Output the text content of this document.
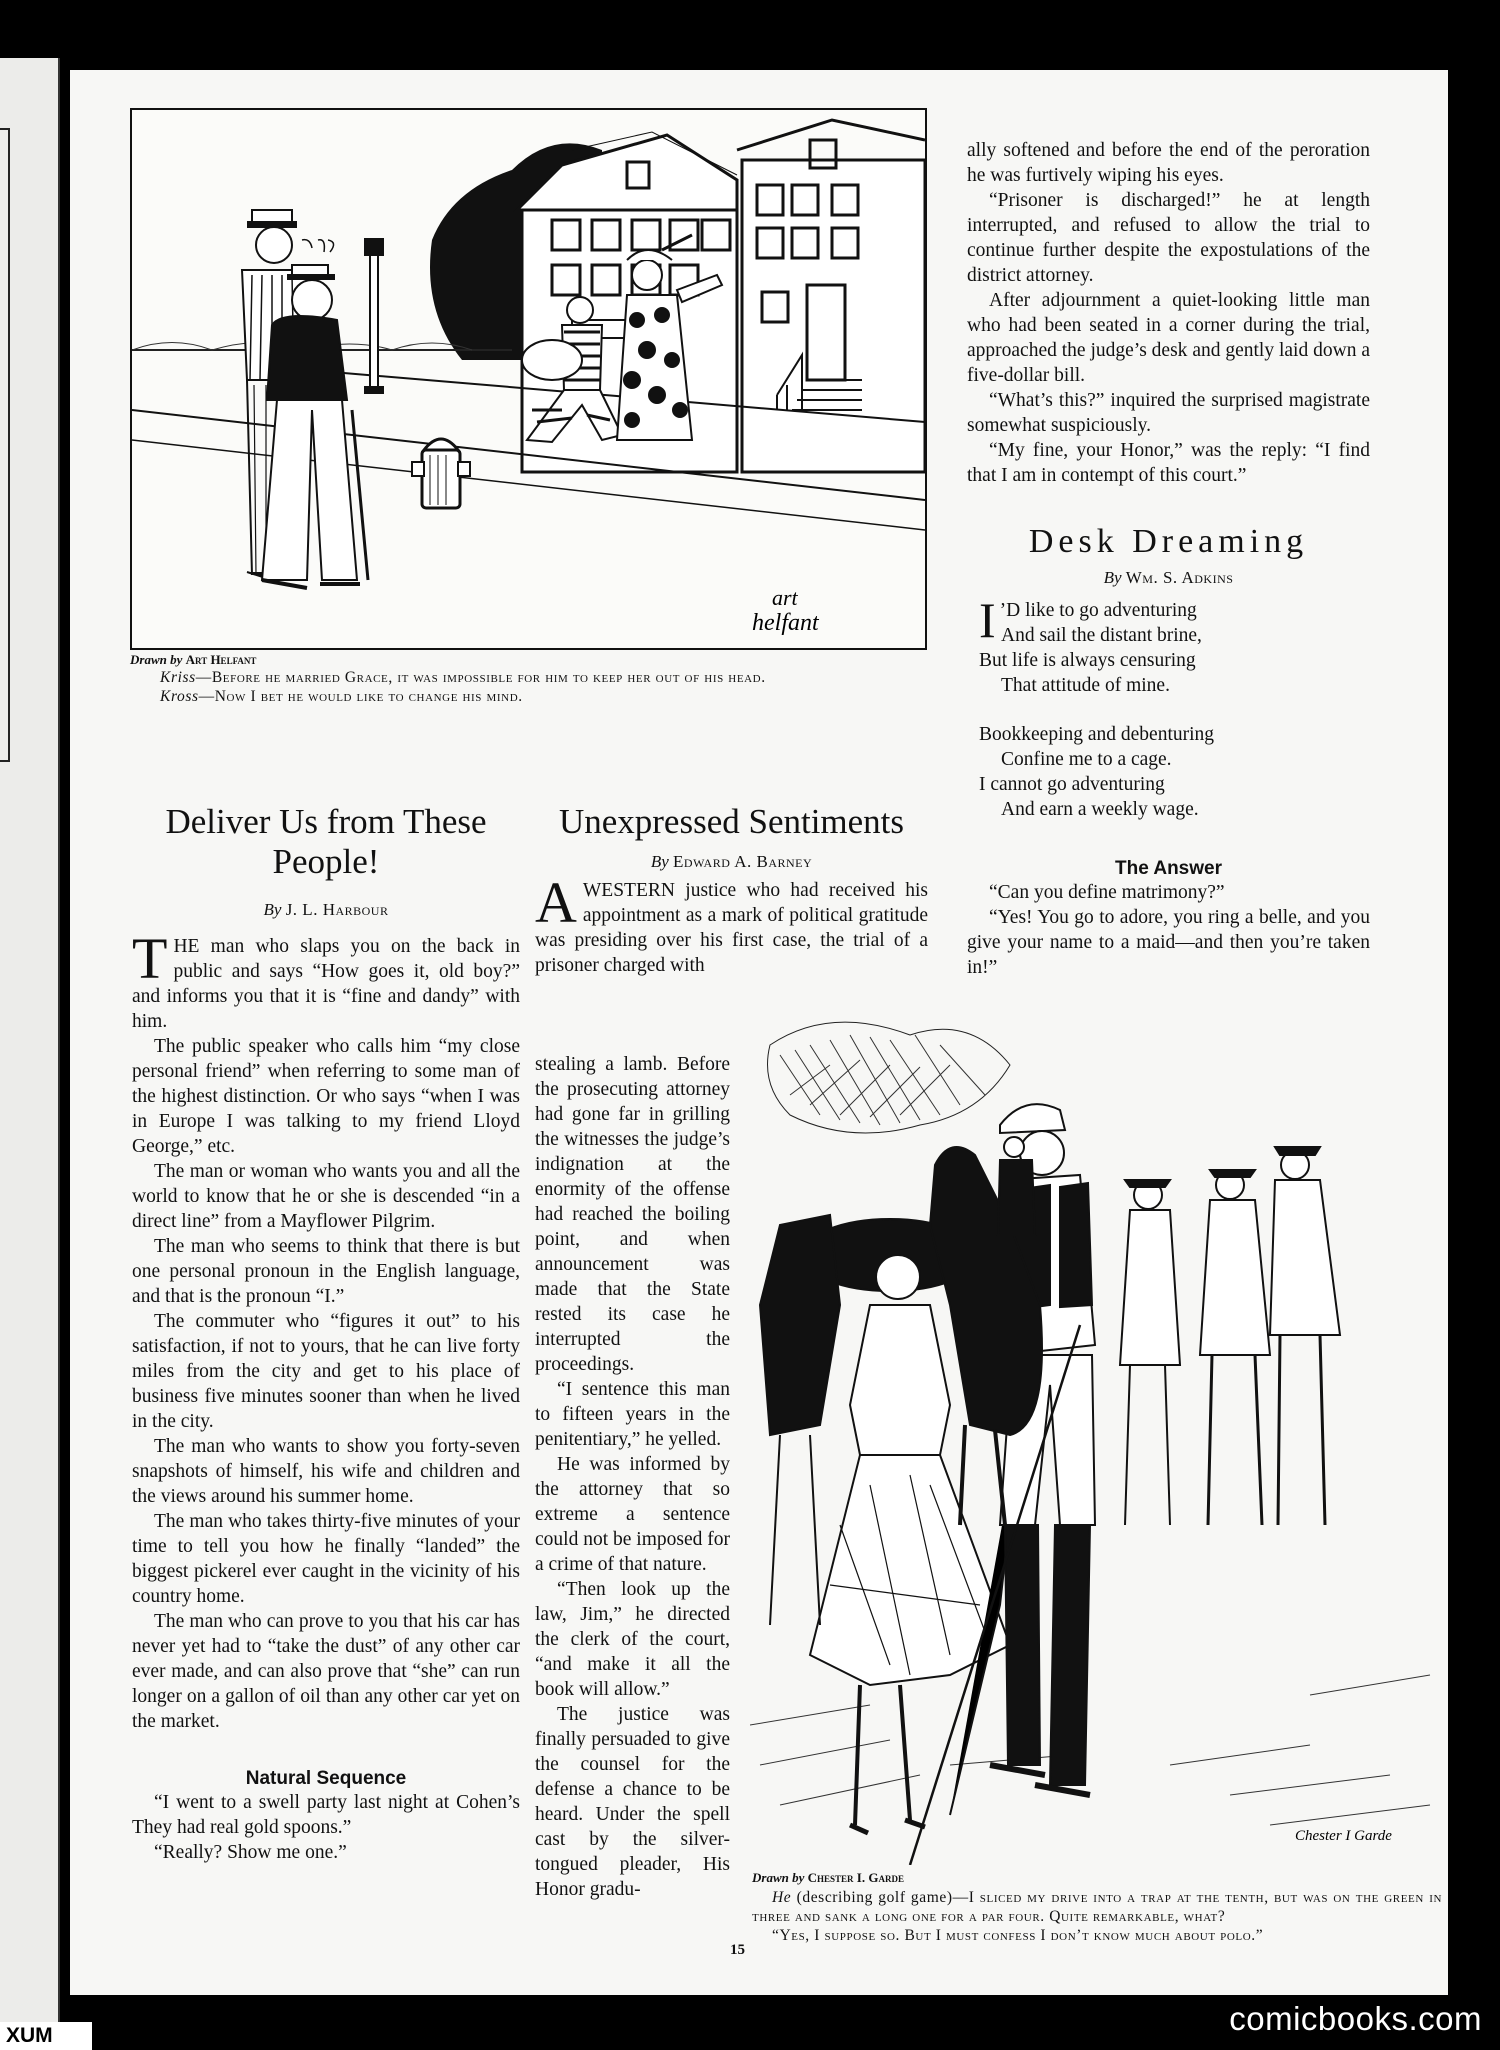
art
helfant
Drawn by Art Helfant
Kriss—Before he married Grace, it was impossible for him to keep her out of his head.
Kross—Now I bet he would like to change his mind.
Deliver Us from These People!
By J. L. Harbour

THE man who slaps you on the back in public and says “How goes it, old boy?” and informs you that it is “fine and dandy” with him.

The public speaker who calls him “my close personal friend” when referring to some man of the highest distinction. Or who says “when I was in Europe I was talking to my friend Lloyd George,” etc.

The man or woman who wants you and all the world to know that he or she is descended “in a direct line” from a Mayflower Pilgrim.

The man who seems to think that there is but one personal pronoun in the English language, and that is the pronoun “I.”

The commuter who “figures it out” to his satisfaction, if not to yours, that he can live forty miles from the city and get to his place of business five minutes sooner than when he lived in the city.

The man who wants to show you forty-seven snapshots of himself, his wife and children and the views around his summer home.

The man who takes thirty-five minutes of your time to tell you how he finally “landed” the biggest pickerel ever caught in the vicinity of his country home.

The man who can prove to you that his car has never yet had to “take the dust” of any other car ever made, and can also prove that “she” can run longer on a gallon of oil than any other car yet on the market.

Natural Sequence

“I went to a swell party last night at Cohen’s They had real gold spoons.”

“Really? Show me one.”

Unexpressed Sentiments
By Edward A. Barney

AWESTERN justice who had received his appointment as a mark of political gratitude was presiding over his first case, the trial of a prisoner charged with

stealing a lamb. Before the prosecuting attorney had gone far in grilling the witnesses the judge’s indignation at the enormity of the offense had reached the boiling point, and when announcement was made that the State rested its case he interrupted the proceedings.

“I sentence this man to fifteen years in the penitentiary,” he yelled.

He was informed by the attorney that so extreme a sentence could not be imposed for a crime of that nature.

“Then look up the law, Jim,” he directed the clerk of the court, “and make it all the book will allow.”

The justice was finally persuaded to give the counsel for the defense a chance to be heard. Under the spell cast by the silver-tongued pleader, His Honor gradu-

ally softened and before the end of the peroration he was furtively wiping his eyes.

“Prisoner is discharged!” he at length interrupted, and refused to allow the trial to continue further despite the expostulations of the district attorney.

After adjournment a quiet-looking little man who had been seated in a corner during the trial, approached the judge’s desk and gently laid down a five-dollar bill.

“What’s this?” inquired the surprised magistrate somewhat suspiciously.

“My fine, your Honor,” was the reply: “I find that I am in contempt of this court.”

Desk Dreaming
By Wm. S. Adkins
I ’D like to go adventuring
And sail the distant brine,
But life is always censuring
That attitude of mine.
Bookkeeping and debenturing
Confine me to a cage.
I cannot go adventuring
And earn a weekly wage.
The Answer

“Can you define matrimony?”

“Yes! You go to adore, you ring a belle, and you give your name to a maid—and then you’re taken in!”

Chester I Garde
Drawn by Chester I. Garde
He (describing golf game)—I sliced my drive into a trap at the tenth, but was on the green in three and sank a long one for a par four. Quite remarkable, what?
“Yes, I suppose so. But I must confess I don’t know much about polo.”
15
comicbooks.com
XUM
